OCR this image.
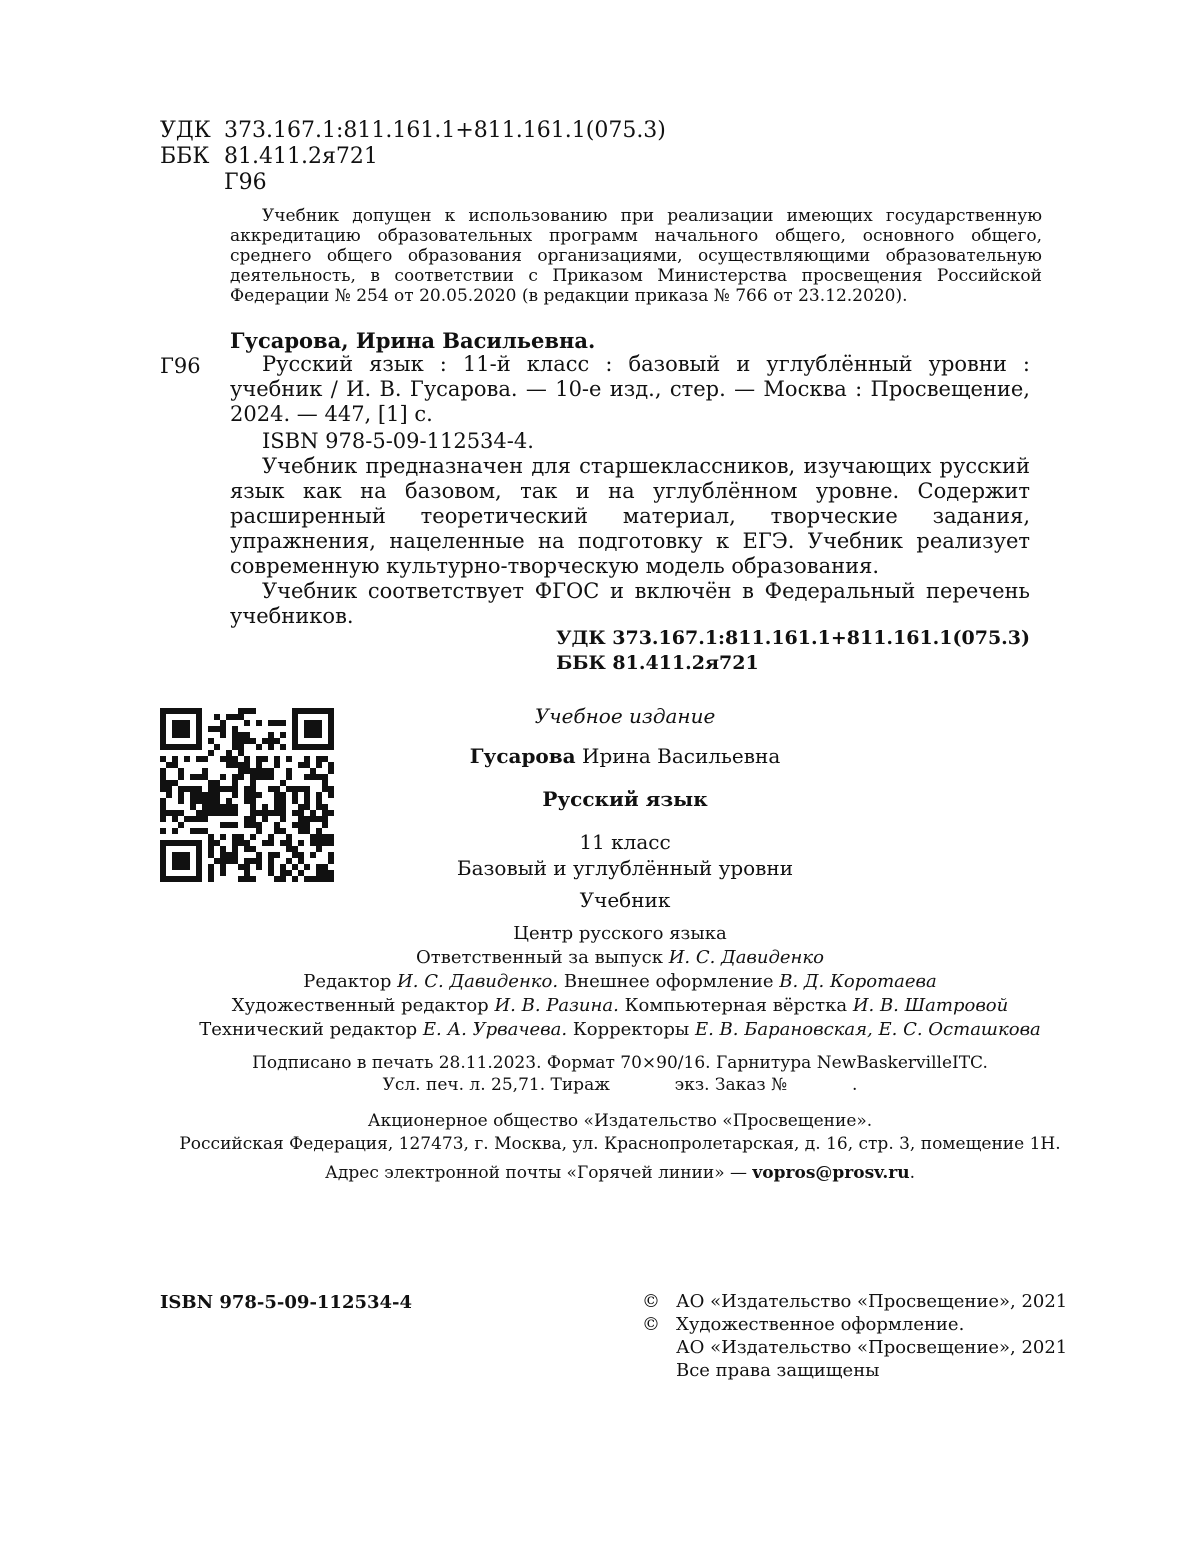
УДК 373.167.1:811.161.1+811.161.1(075.3)
ББК 81.411.2я721
Г96
Учебник допущен к использованию при реализации имеющих государственную аккредитацию образовательных программ начального общего, основного общего, среднего общего образования организациями, осуществляющими образовательную деятельность, в соответствии с Приказом Министерства просвещения Российской Федерации № 254 от 20.05.2020 (в редакции приказа № 766 от 23.12.2020).
Гусарова, Ирина Васильевна.
Г96	Русский язык : 11-й класс : базовый и углублённый уровни : учебник / И. В. Гусарова. — 10-е изд., стер. — Москва : Просвещение, 2024. — 447, [1] с.

ISBN 978-5-09-112534-4.

Учебник предназначен для старшеклассников, изучающих русский язык как на базовом, так и на углублённом уровне. Содержит расширенный теоретический материал, творческие задания, упражнения, нацеленные на подготовку к ЕГЭ. Учебник реализует современную культурно-творческую модель образования.

Учебник соответствует ФГОС и включён в Федеральный перечень учебников.

УДК 373.167.1:811.161.1+811.161.1(075.3)
ББК 81.411.2я721
Учебное издание
Гусарова Ирина Васильевна
Русский язык
11 класс
Базовый и углублённый уровни
Учебник
Центр русского языка
Ответственный за выпуск И. С. Давиденко
Редактор И. С. Давиденко. Внешнее оформление В. Д. Коротаева
Художественный редактор И. В. Разина. Компьютерная вёрстка И. В. Шатровой
Технический редактор Е. А. Урвачева. Корректоры Е. В. Барановская, Е. С. Осташкова
Подписано в печать 28.11.2023. Формат 70×90/16. Гарнитура NewBaskervilleITC.
Усл. печ. л. 25,71. Тираж            экз. Заказ №            .
Акционерное общество «Издательство «Просвещение».
Российская Федерация, 127473, г. Москва, ул. Краснопролетарская, д. 16, стр. 3, помещение 1Н.
Адрес электронной почты «Горячей линии» — vopros@prosv.ru.
ISBN 978-5-09-112534-4	© АО «Издательство «Просвещение», 2021
© Художественное оформление.
АО «Издательство «Просвещение», 2021
Все права защищены
